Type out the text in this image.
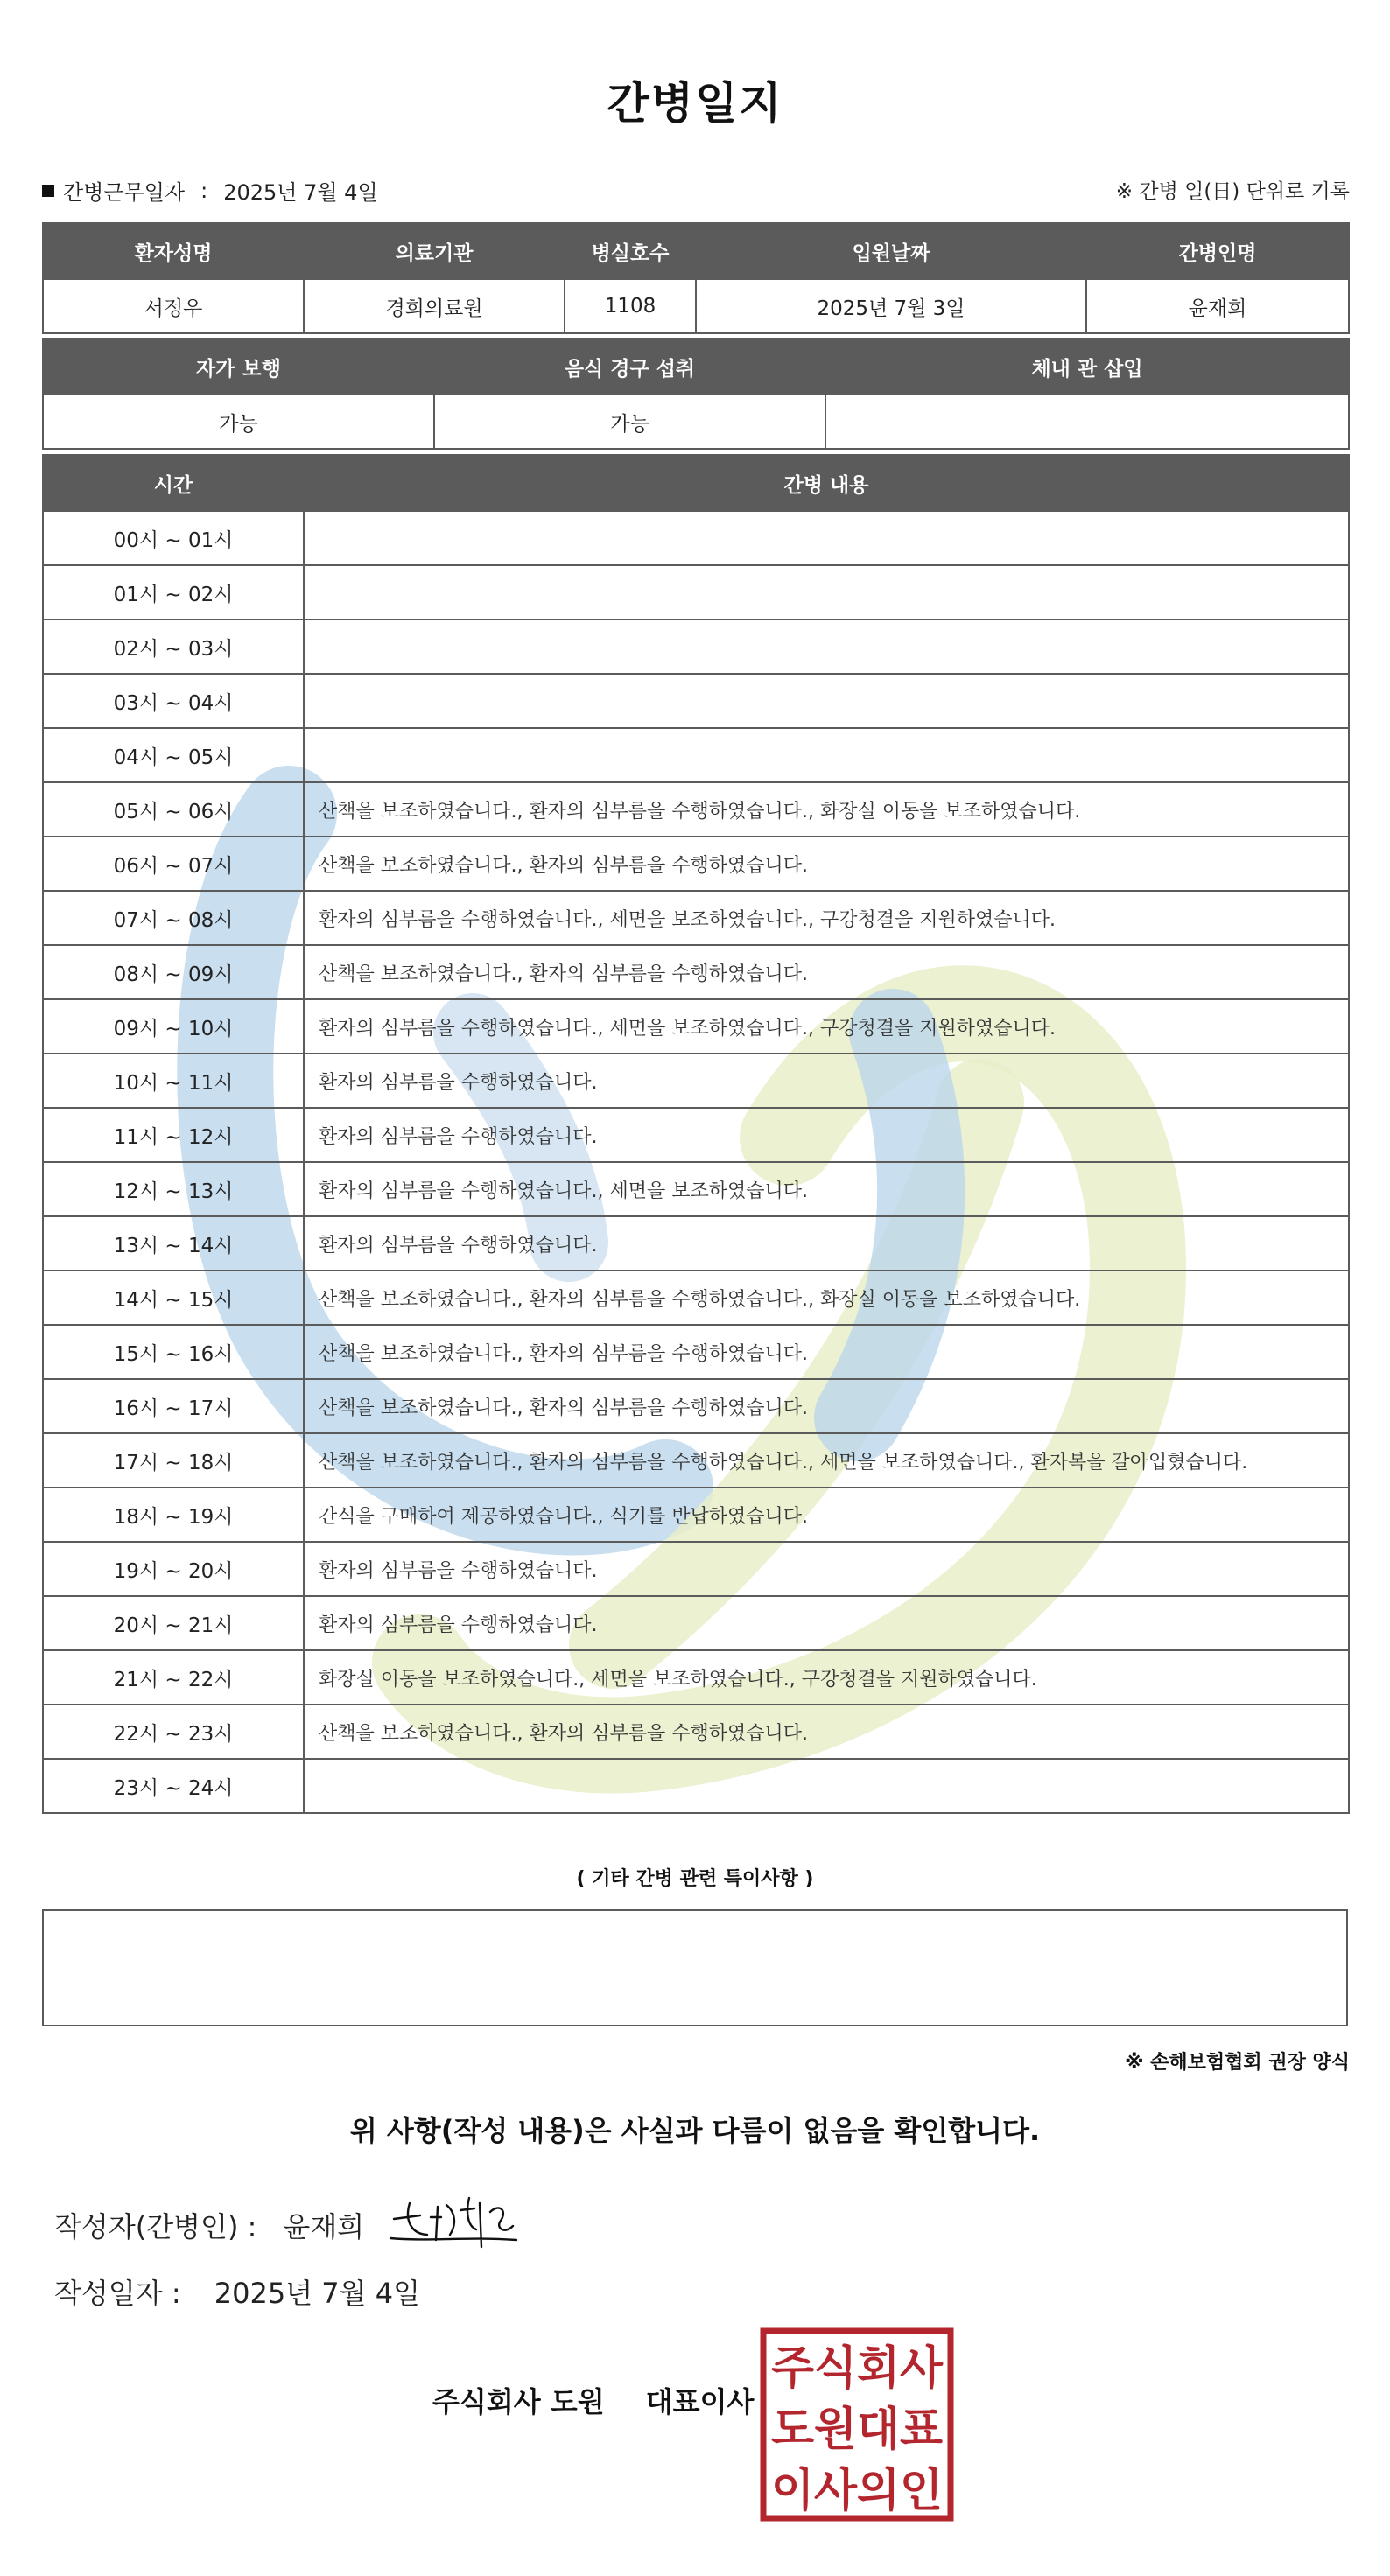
간병일지
간병근무일자 : 2025년 7월 4일	※ 간병 일(日) 단위로 기록
환자성명	의료기관	병실호수	입원날짜	간병인명
서정우	경희의료원	1108	2025년 7월 3일	윤재희
자가 보행	음식 경구 섭취	체내 관 삽입
가능	가능	
시간	간병 내용
00시 ~ 01시	
01시 ~ 02시	
02시 ~ 03시	
03시 ~ 04시	
04시 ~ 05시	
05시 ~ 06시	산책을 보조하였습니다., 환자의 심부름을 수행하였습니다., 화장실 이동을 보조하였습니다.
06시 ~ 07시	산책을 보조하였습니다., 환자의 심부름을 수행하였습니다.
07시 ~ 08시	환자의 심부름을 수행하였습니다., 세면을 보조하였습니다., 구강청결을 지원하였습니다.
08시 ~ 09시	산책을 보조하였습니다., 환자의 심부름을 수행하였습니다.
09시 ~ 10시	환자의 심부름을 수행하였습니다., 세면을 보조하였습니다., 구강청결을 지원하였습니다.
10시 ~ 11시	환자의 심부름을 수행하였습니다.
11시 ~ 12시	환자의 심부름을 수행하였습니다.
12시 ~ 13시	환자의 심부름을 수행하였습니다., 세면을 보조하였습니다.
13시 ~ 14시	환자의 심부름을 수행하였습니다.
14시 ~ 15시	산책을 보조하였습니다., 환자의 심부름을 수행하였습니다., 화장실 이동을 보조하였습니다.
15시 ~ 16시	산책을 보조하였습니다., 환자의 심부름을 수행하였습니다.
16시 ~ 17시	산책을 보조하였습니다., 환자의 심부름을 수행하였습니다.
17시 ~ 18시	산책을 보조하였습니다., 환자의 심부름을 수행하였습니다., 세면을 보조하였습니다., 환자복을 갈아입혔습니다.
18시 ~ 19시	간식을 구매하여 제공하였습니다., 식기를 반납하였습니다.
19시 ~ 20시	환자의 심부름을 수행하였습니다.
20시 ~ 21시	환자의 심부름을 수행하였습니다.
21시 ~ 22시	화장실 이동을 보조하였습니다., 세면을 보조하였습니다., 구강청결을 지원하였습니다.
22시 ~ 23시	산책을 보조하였습니다., 환자의 심부름을 수행하였습니다.
23시 ~ 24시	
( 기타 간병 관련 특이사항 )
※ 손해보험협회 권장 양식
위 사항(작성 내용)은 사실과 다름이 없음을 확인합니다.
작성자(간병인) : 윤재희
작성일자 : 2025년 7월 4일
주식회사 도원 대표이사
주식회사
도원대표
이사의인
